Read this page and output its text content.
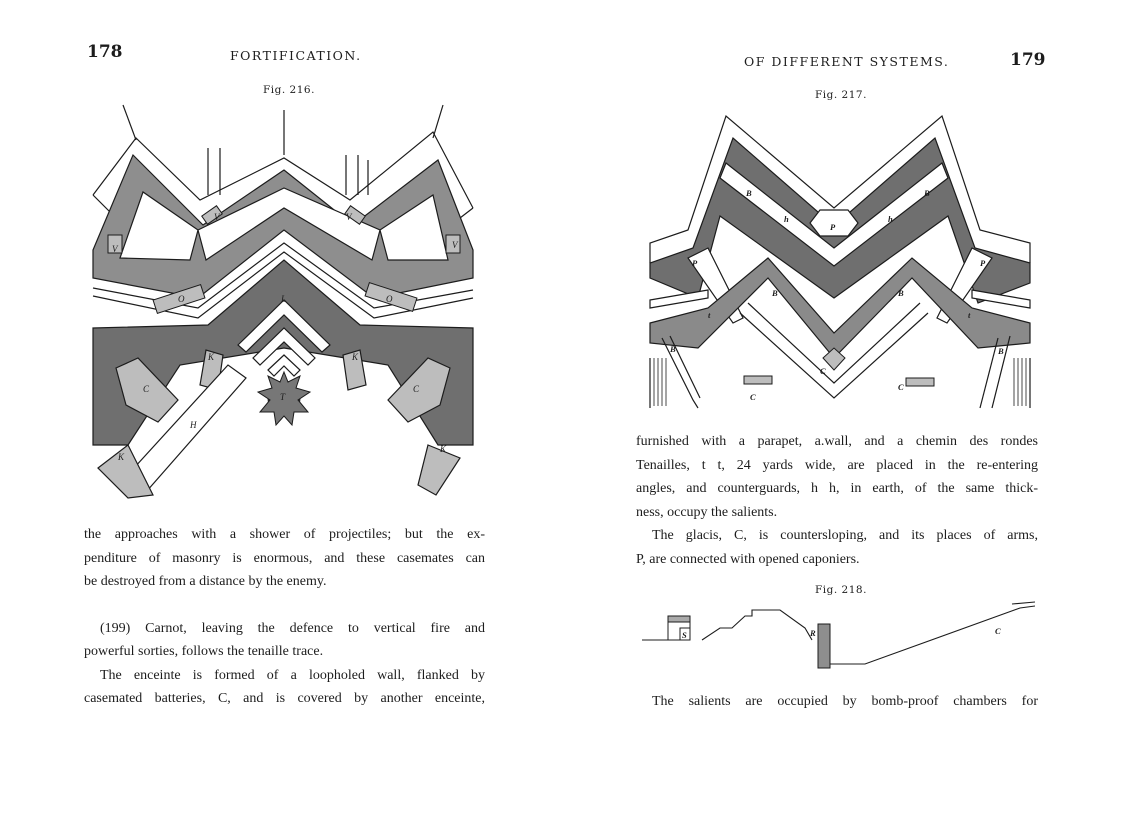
178	FORTIFICATION.
Fig. 216.
L
K	K
C	C
H
K
K
T
O	O
V	V
V	V

the approaches with a shower of projectiles; but the ex-

penditure of masonry is enormous, and these casemates can

be destroyed from a distance by the enemy.

(199) Carnot, leaving the defence to vertical fire and

powerful sorties, follows the tenaille trace.

The enceinte is formed of a loopholed wall, flanked by

casemated batteries, C, and is covered by another enceinte,

OF DIFFERENT SYSTEMS.	179
Fig. 217.
P
B	B
h	h
P
P
B	B
B	B
C
C
C
t	t

furnished with a parapet, a.wall, and a chemin des rondes

Tenailles, t t, 24 yards wide, are placed in the re-entering

angles, and counterguards, h h, in earth, of the same thick-

ness, occupy the salients.

The glacis, C, is countersloping, and its places of arms,

P, are connected with opened caponiers.

Fig. 218.
S	R	C

The salients are occupied by bomb-proof chambers for
